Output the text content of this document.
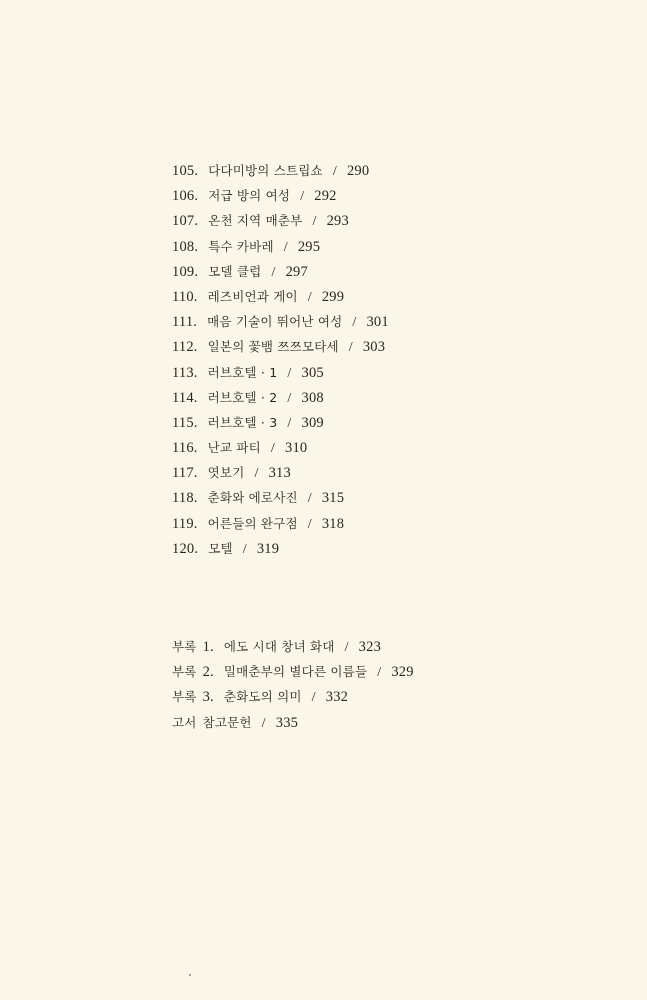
105. 다다미방의 스트립쇼 / 290
106. 저급 방의 여성 / 292
107. 온천 지역 매춘부 / 293
108. 특수 카바레 / 295
109. 모델 클럽 / 297
110. 레즈비언과 게이 / 299
111. 매음 기술이 뛰어난 여성 / 301
112. 일본의 꽃뱀 쯔쯔모타세 / 303
113. 러브호텔 · 1 / 305
114. 러브호텔 · 2 / 308
115. 러브호텔 · 3 / 309
116. 난교 파티 / 310
117. 엿보기 / 313
118. 춘화와 에로사진 / 315
119. 어른들의 완구점 / 318
120. 모텔 / 319
부록 1. 에도 시대 창녀 화대 / 323
부록 2. 밀매춘부의 별다른 이름들 / 329
부록 3. 춘화도의 의미 / 332
고서 참고문헌 / 335
